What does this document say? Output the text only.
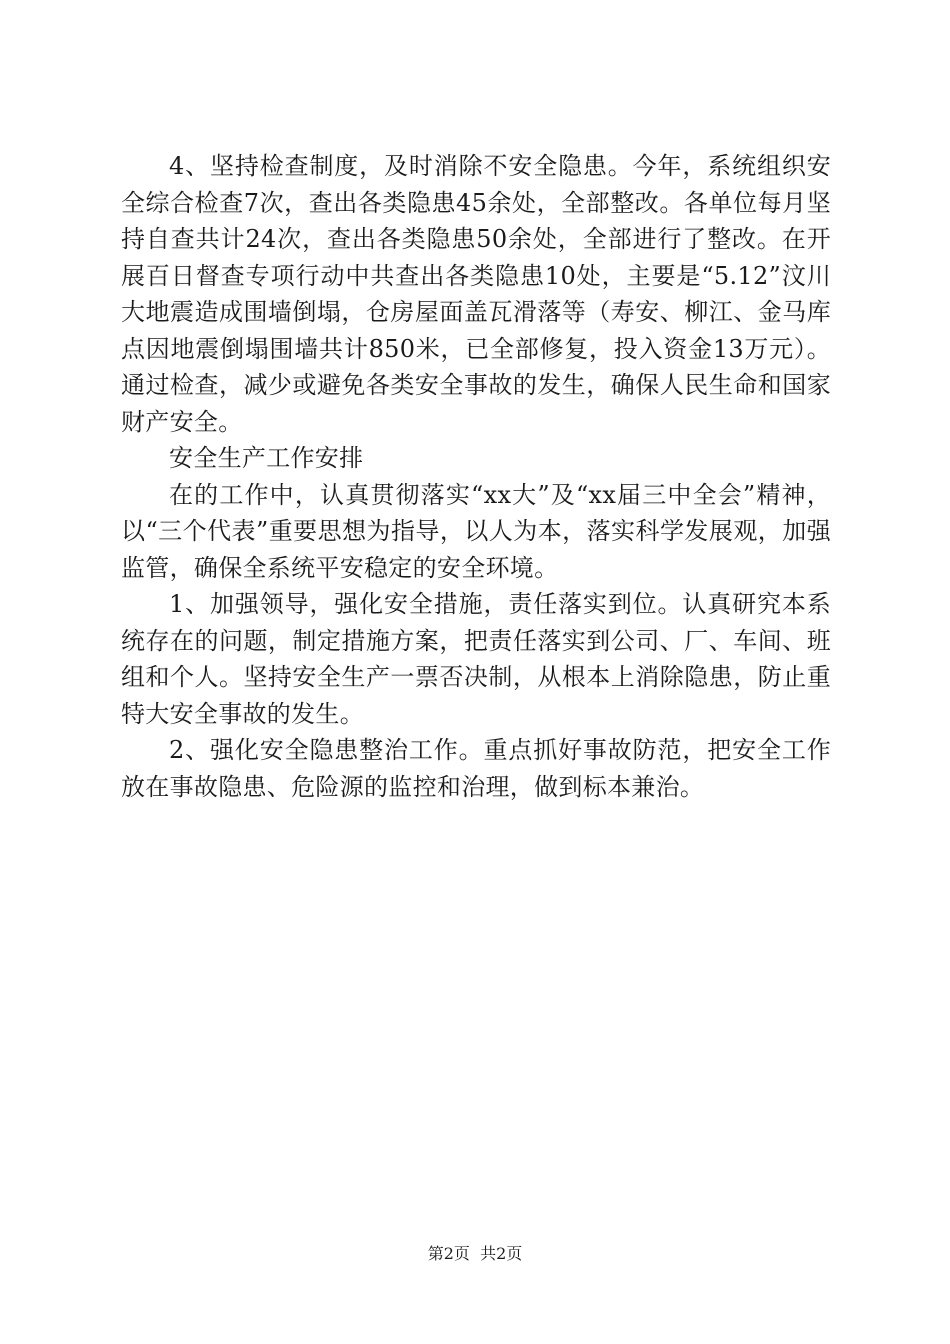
4、坚持检查制度，及时消除不安全隐患。今年，系统组织安全综合检查7次，查出各类隐患45余处，全部整改。各单位每月坚持自查共计24次，查出各类隐患50余处，全部进行了整改。在开展百日督查专项行动中共查出各类隐患10处，主要是“5.12”汶川大地震造成围墙倒塌，仓房屋面盖瓦滑落等（寿安、柳江、金马库点因地震倒塌围墙共计850米，已全部修复，投入资金13万元）。通过检查，减少或避免各类安全事故的发生，确保人民生命和国家财产安全。

安全生产工作安排

在的工作中，认真贯彻落实“xx大”及“xx届三中全会”精神，以“三个代表”重要思想为指导，以人为本，落实科学发展观，加强监管，确保全系统平安稳定的安全环境。

1、加强领导，强化安全措施，责任落实到位。认真研究本系统存在的问题，制定措施方案，把责任落实到公司、厂、车间、班组和个人。坚持安全生产一票否决制，从根本上消除隐患，防止重特大安全事故的发生。

2、强化安全隐患整治工作。重点抓好事故防范，把安全工作放在事故隐患、危险源的监控和治理，做到标本兼治。

第2页  共2页
